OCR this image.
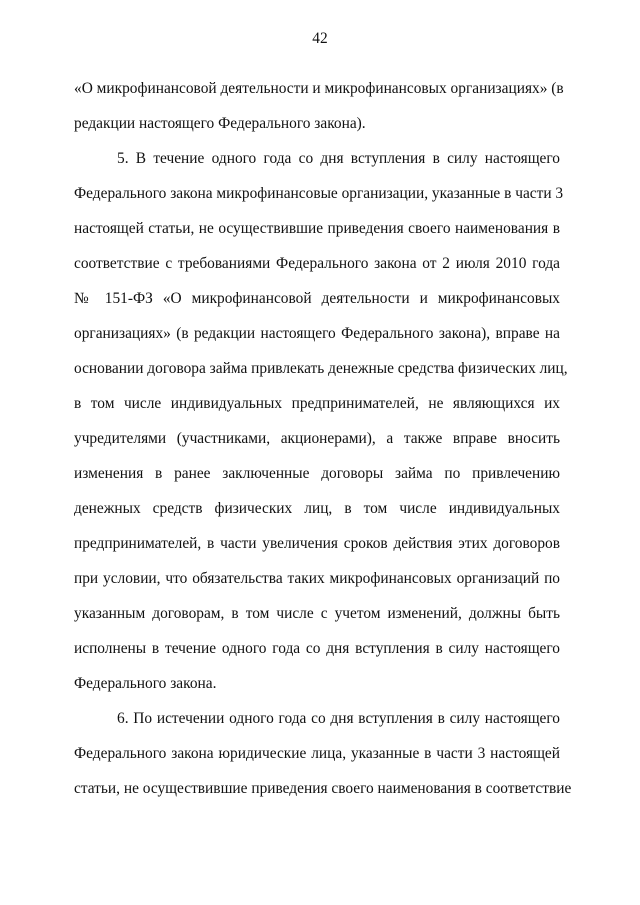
42
«О микрофинансовой деятельности и микрофинансовых организациях» (в
редакции настоящего Федерального закона).
5. В течение одного года со дня вступления в силу настоящего
Федерального закона микрофинансовые организации, указанные в части 3
настоящей статьи, не осуществившие приведения своего наименования в
соответствие с требованиями Федерального закона от 2 июля 2010 года
№ 151-ФЗ «О микрофинансовой деятельности и микрофинансовых
организациях» (в редакции настоящего Федерального закона), вправе на
основании договора займа привлекать денежные средства физических лиц,
в том числе индивидуальных предпринимателей, не являющихся их
учредителями (участниками, акционерами), а также вправе вносить
изменения в ранее заключенные договоры займа по привлечению
денежных средств физических лиц, в том числе индивидуальных
предпринимателей, в части увеличения сроков действия этих договоров
при условии, что обязательства таких микрофинансовых организаций по
указанным договорам, в том числе с учетом изменений, должны быть
исполнены в течение одного года со дня вступления в силу настоящего
Федерального закона.
6. По истечении одного года со дня вступления в силу настоящего
Федерального закона юридические лица, указанные в части 3 настоящей
статьи, не осуществившие приведения своего наименования в соответствие
